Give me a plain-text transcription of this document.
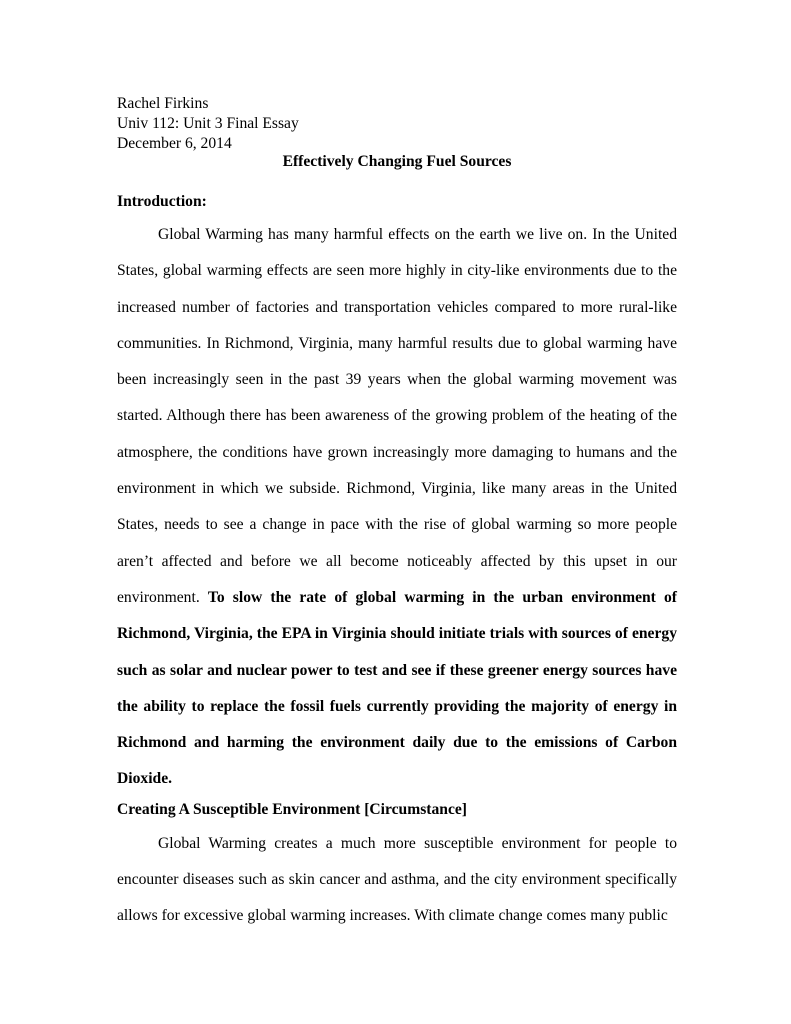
Rachel Firkins
Univ 112: Unit 3 Final Essay
December 6, 2014
Effectively Changing Fuel Sources
Introduction:

Global Warming has many harmful effects on the earth we live on. In the United States, global warming effects are seen more highly in city-like environments due to the increased number of factories and transportation vehicles compared to more rural-like communities. In Richmond, Virginia, many harmful results due to global warming have been increasingly seen in the past 39 years when the global warming movement was started. Although there has been awareness of the growing problem of the heating of the atmosphere, the conditions have grown increasingly more damaging to humans and the environment in which we subside. Richmond, Virginia, like many areas in the United States, needs to see a change in pace with the rise of global warming so more people aren’t affected and before we all become noticeably affected by this upset in our environment. To slow the rate of global warming in the urban environment of Richmond, Virginia, the EPA in Virginia should initiate trials with sources of energy such as solar and nuclear power to test and see if these greener energy sources have the ability to replace the fossil fuels currently providing the majority of energy in Richmond and harming the environment daily due to the emissions of Carbon Dioxide.

Creating A Susceptible Environment [Circumstance]

Global Warming creates a much more susceptible environment for people to encounter diseases such as skin cancer and asthma, and the city environment specifically allows for excessive global warming increases. With climate change comes many public
